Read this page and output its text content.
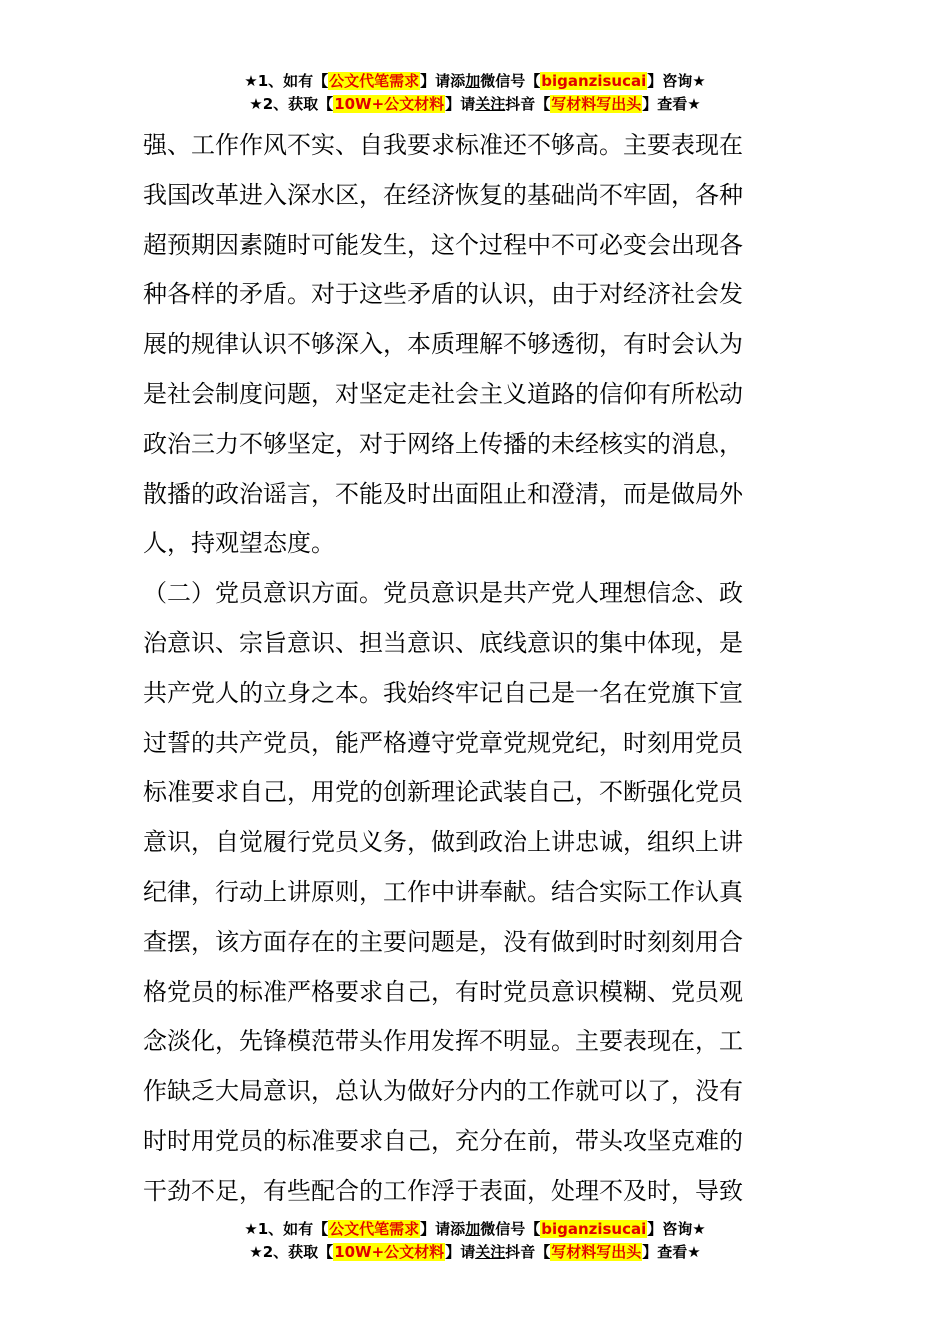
★1、如有【公文代笔需求】请添加微信号【biganzisucai】咨询★
★2、获取【10W+公文材料】请关注抖音【写材料写出头】查看★
强、工作作风不实、自我要求标准还不够高。主要表现在
我国改革进入深水区，在经济恢复的基础尚不牢固，各种
超预期因素随时可能发生，这个过程中不可必变会出现各
种各样的矛盾。对于这些矛盾的认识，由于对经济社会发
展的规律认识不够深入，本质理解不够透彻，有时会认为
是社会制度问题，对坚定走社会主义道路的信仰有所松动
政治三力不够坚定，对于网络上传播的未经核实的消息，
散播的政治谣言，不能及时出面阻止和澄清，而是做局外
人，持观望态度。
（二）党员意识方面。党员意识是共产党人理想信念、政
治意识、宗旨意识、担当意识、底线意识的集中体现，是
共产党人的立身之本。我始终牢记自己是一名在党旗下宣
过誓的共产党员，能严格遵守党章党规党纪，时刻用党员
标准要求自己，用党的创新理论武装自己，不断强化党员
意识，自觉履行党员义务，做到政治上讲忠诚，组织上讲
纪律，行动上讲原则，工作中讲奉献。结合实际工作认真
查摆，该方面存在的主要问题是，没有做到时时刻刻用合
格党员的标准严格要求自己，有时党员意识模糊、党员观
念淡化，先锋模范带头作用发挥不明显。主要表现在，工
作缺乏大局意识，总认为做好分内的工作就可以了，没有
时时用党员的标准要求自己，充分在前，带头攻坚克难的
干劲不足，有些配合的工作浮于表面，处理不及时，导致
★1、如有【公文代笔需求】请添加微信号【biganzisucai】咨询★
★2、获取【10W+公文材料】请关注抖音【写材料写出头】查看★
